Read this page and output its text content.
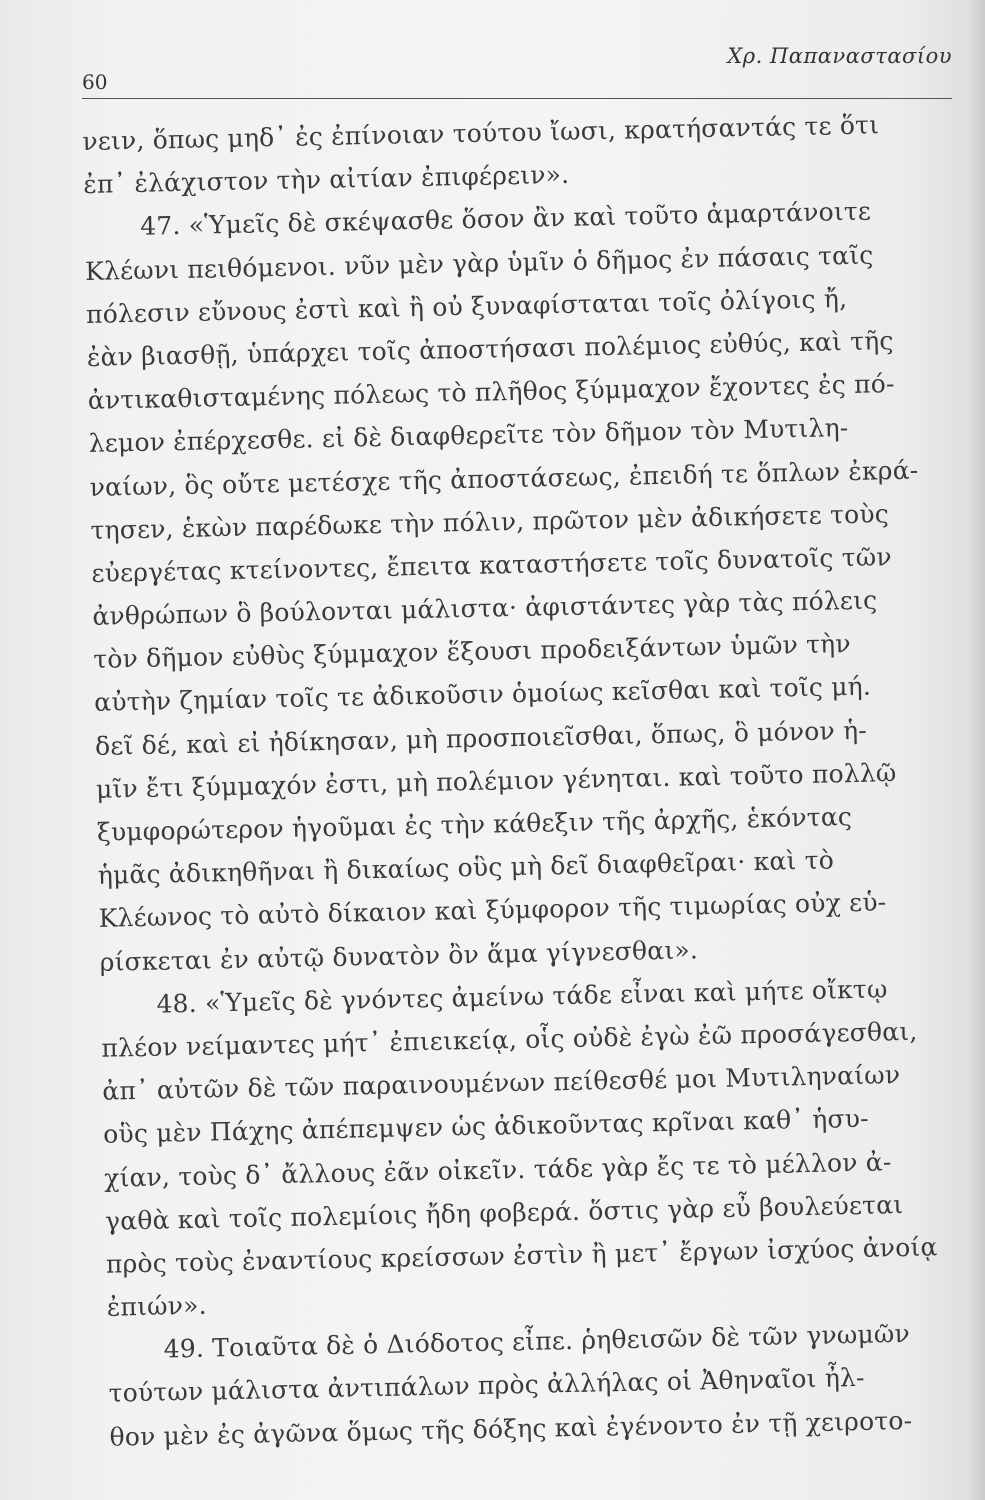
60
Χρ. Παπαναστασίου
νειν, ὅπως μηδ᾽ ἐς ἐπίνοιαν τούτου ἴωσι, κρατήσαντάς τε ὅτι
ἐπ᾽ ἐλάχιστον τὴν αἰτίαν ἐπιφέρειν».
47. «Ὑμεῖς δὲ σκέψασθε ὅσον ἂν καὶ τοῦτο ἁμαρτάνοιτε
Κλέωνι πειθόμενοι. νῦν μὲν γὰρ ὑμῖν ὁ δῆμος ἐν πάσαις ταῖς
πόλεσιν εὔνους ἐστὶ καὶ ἢ οὐ ξυναφίσταται τοῖς ὀλίγοις ἤ,
ἐὰν βιασθῇ, ὑπάρχει τοῖς ἀποστήσασι πολέμιος εὐθύς, καὶ τῆς
ἀντικαθισταμένης πόλεως τὸ πλῆθος ξύμμαχον ἔχοντες ἐς πό-
λεμον ἐπέρχεσθε. εἰ δὲ διαφθερεῖτε τὸν δῆμον τὸν Μυτιλη-
ναίων, ὃς οὔτε μετέσχε τῆς ἀποστάσεως, ἐπειδή τε ὅπλων ἐκρά-
τησεν, ἑκὼν παρέδωκε τὴν πόλιν, πρῶτον μὲν ἀδικήσετε τοὺς
εὐεργέτας κτείνοντες, ἔπειτα καταστήσετε τοῖς δυνατοῖς τῶν
ἀνθρώπων ὃ βούλονται μάλιστα· ἀφιστάντες γὰρ τὰς πόλεις
τὸν δῆμον εὐθὺς ξύμμαχον ἕξουσι προδειξάντων ὑμῶν τὴν
αὐτὴν ζημίαν τοῖς τε ἀδικοῦσιν ὁμοίως κεῖσθαι καὶ τοῖς μή.
δεῖ δέ, καὶ εἰ ἠδίκησαν, μὴ προσποιεῖσθαι, ὅπως, ὃ μόνον ἡ-
μῖν ἔτι ξύμμαχόν ἐστι, μὴ πολέμιον γένηται. καὶ τοῦτο πολλῷ
ξυμφορώτερον ἡγοῦμαι ἐς τὴν κάθεξιν τῆς ἀρχῆς, ἑκόντας
ἡμᾶς ἀδικηθῆναι ἢ δικαίως οὓς μὴ δεῖ διαφθεῖραι· καὶ τὸ
Κλέωνος τὸ αὐτὸ δίκαιον καὶ ξύμφορον τῆς τιμωρίας οὐχ εὑ-
ρίσκεται ἐν αὐτῷ δυνατὸν ὂν ἅμα γίγνεσθαι».
48. «Ὑμεῖς δὲ γνόντες ἀμείνω τάδε εἶναι καὶ μήτε οἴκτῳ
πλέον νείμαντες μήτ᾽ ἐπιεικείᾳ, οἷς οὐδὲ ἐγὼ ἐῶ προσάγεσθαι,
ἀπ᾽ αὐτῶν δὲ τῶν παραινουμένων πείθεσθέ μοι Μυτιληναίων
οὓς μὲν Πάχης ἀπέπεμψεν ὡς ἀδικοῦντας κρῖναι καθ᾽ ἡσυ-
χίαν, τοὺς δ᾽ ἄλλους ἐᾶν οἰκεῖν. τάδε γὰρ ἔς τε τὸ μέλλον ἀ-
γαθὰ καὶ τοῖς πολεμίοις ἤδη φοβερά. ὅστις γὰρ εὖ βουλεύεται
πρὸς τοὺς ἐναντίους κρείσσων ἐστὶν ἢ μετ᾽ ἔργων ἰσχύος ἀνοίᾳ
ἐπιών».
49. Τοιαῦτα δὲ ὁ Διόδοτος εἶπε. ῥηθεισῶν δὲ τῶν γνωμῶν
τούτων μάλιστα ἀντιπάλων πρὸς ἀλλήλας οἱ Ἀθηναῖοι ἦλ-
θον μὲν ἐς ἀγῶνα ὅμως τῆς δόξης καὶ ἐγένοντο ἐν τῇ χειροτο-
